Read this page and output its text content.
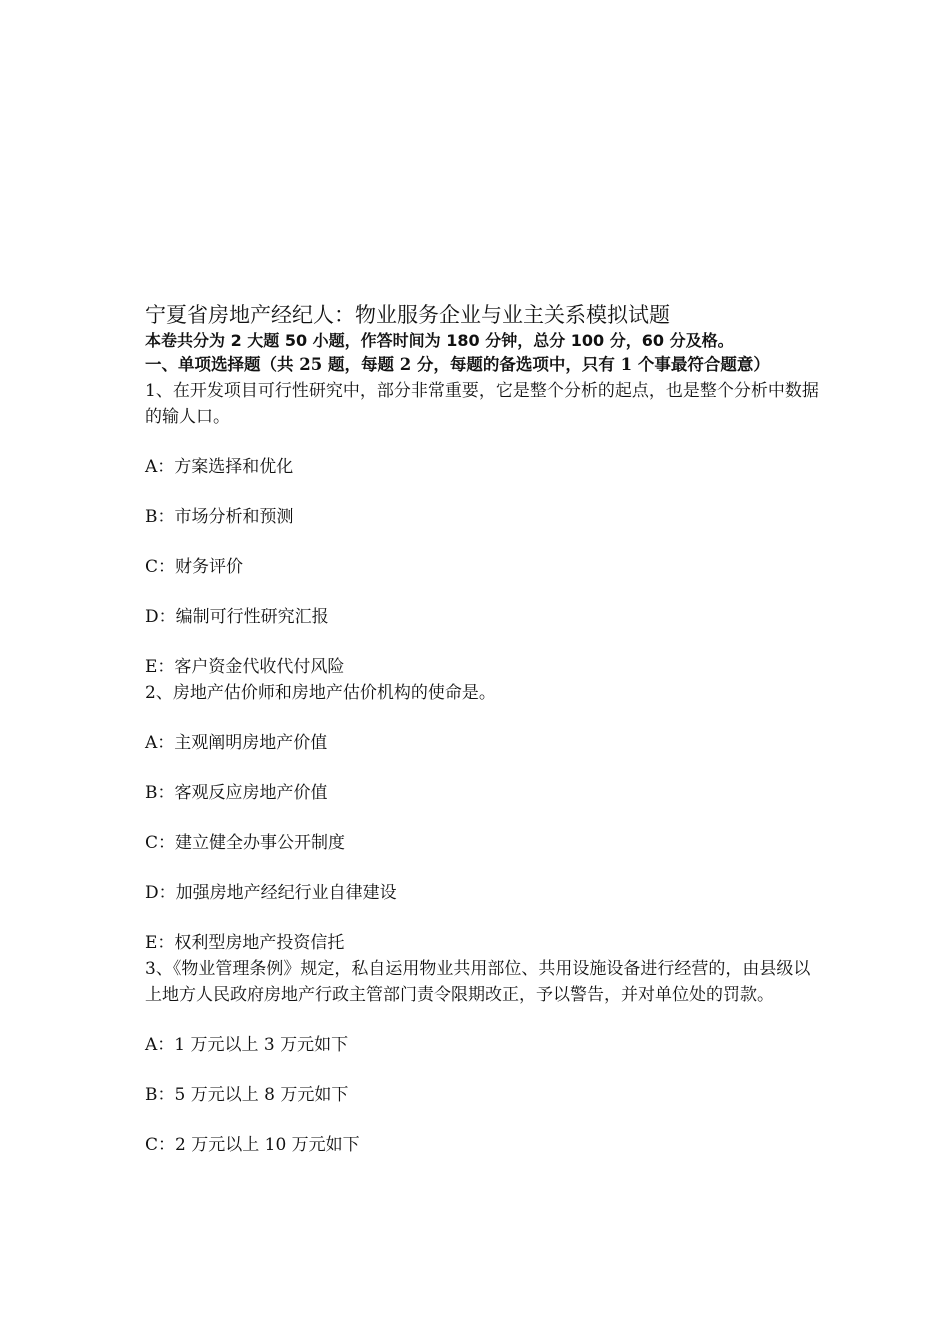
宁夏省房地产经纪人：物业服务企业与业主关系模拟试题

本卷共分为 2 大题 50 小题，作答时间为 180 分钟，总分 100 分，60 分及格。

一、单项选择题（共 25 题，每题 2 分，每题的备选项中，只有 1 个事最符合题意）

1、在开发项目可行性研究中，部分非常重要，它是整个分析的起点，也是整个分析中数据的输人口。

A：方案选择和优化

B：市场分析和预测

C：财务评价

D：编制可行性研究汇报

E：客户资金代收代付风险

2、房地产估价师和房地产估价机构的使命是。

A：主观阐明房地产价值

B：客观反应房地产价值

C：建立健全办事公开制度

D：加强房地产经纪行业自律建设

E：权利型房地产投资信托

3、《物业管理条例》规定，私自运用物业共用部位、共用设施设备进行经营的，由县级以上地方人民政府房地产行政主管部门责令限期改正，予以警告，并对单位处的罚款。

A：1 万元以上 3 万元如下

B：5 万元以上 8 万元如下

C：2 万元以上 10 万元如下
